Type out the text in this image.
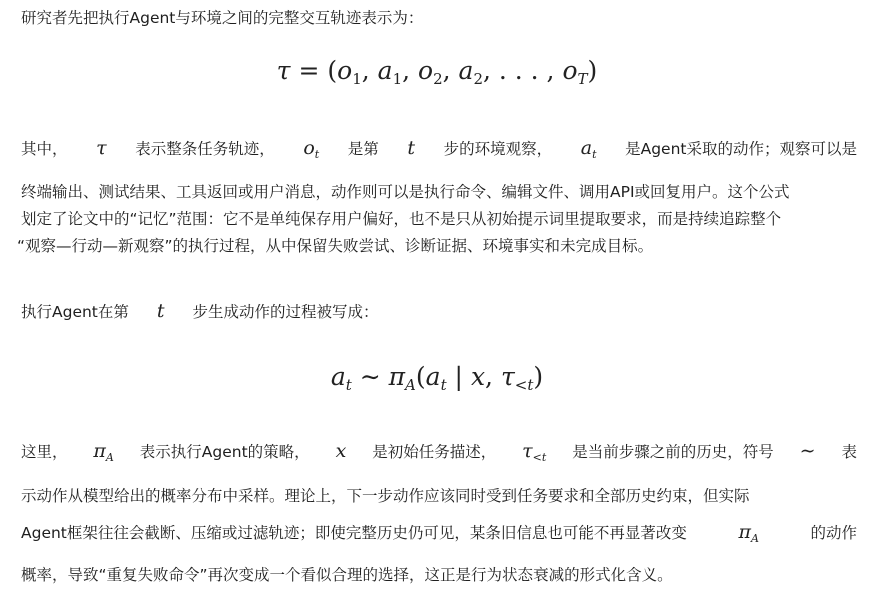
研究者先把执行Agent与环境之间的完整交互轨迹表示为：
$\tau = (o_1$, $a_1$, $o_2$, $a_2$, . . . , $o_T$)
其中， τ 表示整条任务轨迹， $o_t$ 是第 t 步的环境观察， $a_t$ 是Agent采取的动作；观察可以是
终端输出、测试结果、工具返回或用户消息，动作则可以是执行命令、编辑文件、调用API或回复用户。这个公式
划定了论文中的“记忆”范围：它不是单纯保存用户偏好，也不是只从初始提示词里提取要求，而是持续追踪整个
“观察—行动—新观察”的执行过程，从中保留失败尝试、诊断证据、环境事实和未完成目标。
执行Agent在第 t 步生成动作的过程被写成：
$a_t$ ∼ $\pi_A(a_t$ | x, $\tau_{<t}$)
这里， $\pi_A$ 表示执行Agent的策略， x 是初始任务描述， $\tau_{<t}$ 是当前步骤之前的历史，符号 ∼ 表
示动作从模型给出的概率分布中采样。理论上，下一步动作应该同时受到任务要求和全部历史约束，但实际
Agent框架往往会截断、压缩或过滤轨迹；即使完整历史仍可见，某条旧信息也可能不再显著改变	$\pi_A$	的动作
概率，导致“重复失败命令”再次变成一个看似合理的选择，这正是行为状态衰减的形式化含义。
